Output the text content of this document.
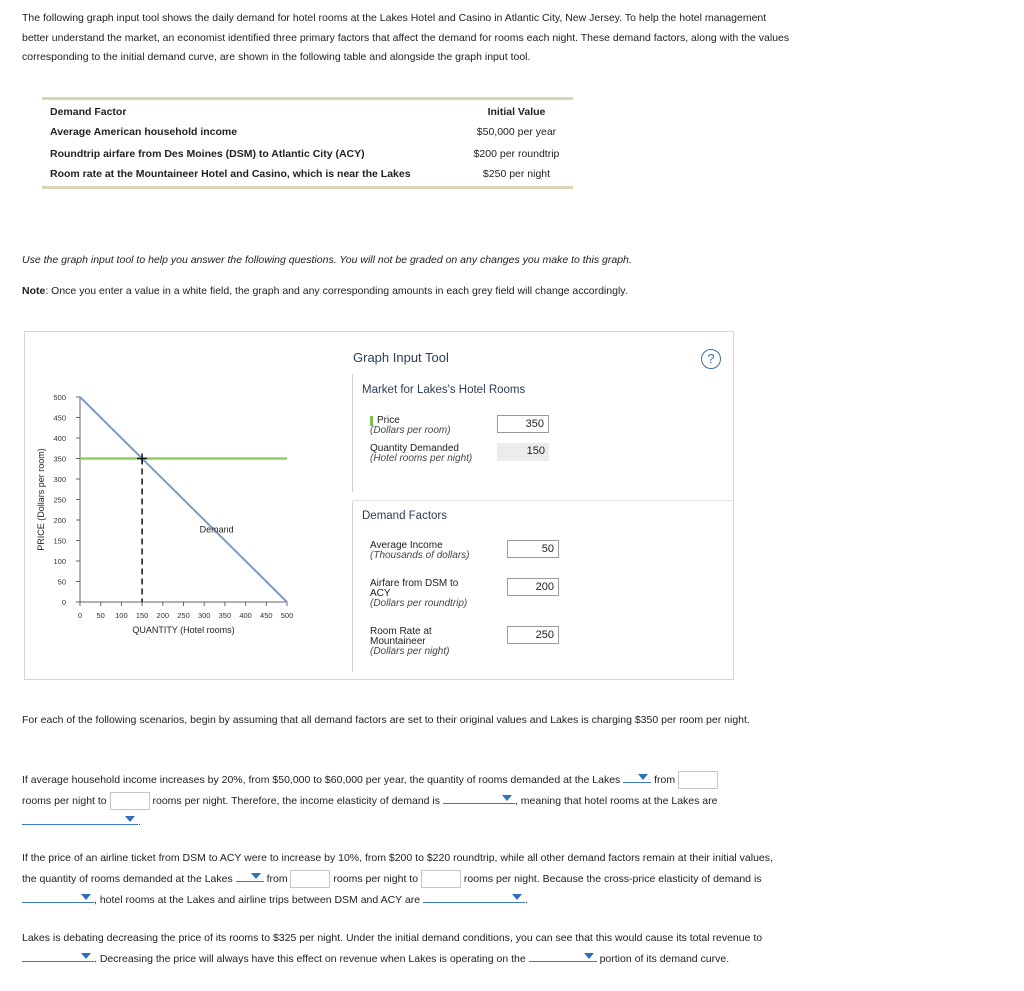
The following graph input tool shows the daily demand for hotel rooms at the Lakes Hotel and Casino in Atlantic City, New Jersey. To help the hotel management better understand the market, an economist identified three primary factors that affect the demand for rooms each night. These demand factors, along with the values corresponding to the initial demand curve, are shown in the following table and alongside the graph input tool.
Demand Factor	Initial Value
Average American household income	$50,000 per year
Roundtrip airfare from Des Moines (DSM) to Atlantic City (ACY)	$200 per roundtrip
Room rate at the Mountaineer Hotel and Casino, which is near the Lakes	$250 per night
Use the graph input tool to help you answer the following questions. You will not be graded on any changes you make to this graph.
Note: Once you enter a value in a white field, the graph and any corresponding amounts in each grey field will change accordingly.
0
50
100
150
200
250
300
350
400
450
500
0 50 100 150 200 250 300 350 400 450 500
QUANTITY (Hotel rooms)
PRICE (Dollars per room)	Demand
Graph Input Tool	?
Market for Lakes's Hotel Rooms
Price
(Dollars per room)
350
Quantity Demanded
(Hotel rooms per night)
150
Demand Factors
Average Income
(Thousands of dollars)
50
Airfare from DSM to ACY
(Dollars per roundtrip)
200
Room Rate at Mountaineer
(Dollars per night)
250
For each of the following scenarios, begin by assuming that all demand factors are set to their original values and Lakes is charging $350 per room per night.
If average household income increases by 20%, from $50,000 to $60,000 per year, the quantity of rooms demanded at the Lakes	from
rooms per night to	rooms per night. Therefore, the income elasticity of demand is	, meaning that hotel rooms at the Lakes are
.
If the price of an airline ticket from DSM to ACY were to increase by 10%, from $200 to $220 roundtrip, while all other demand factors remain at their initial values, the quantity of rooms demanded at the Lakes	from	rooms per night to	rooms per night. Because the cross-price elasticity of demand is , hotel rooms at the Lakes and airline trips between DSM and ACY are	.
Lakes is debating decreasing the price of its rooms to $325 per night. Under the initial demand conditions, you can see that this would cause its total revenue to . Decreasing the price will always have this effect on revenue when Lakes is operating on the	portion of its demand curve.
